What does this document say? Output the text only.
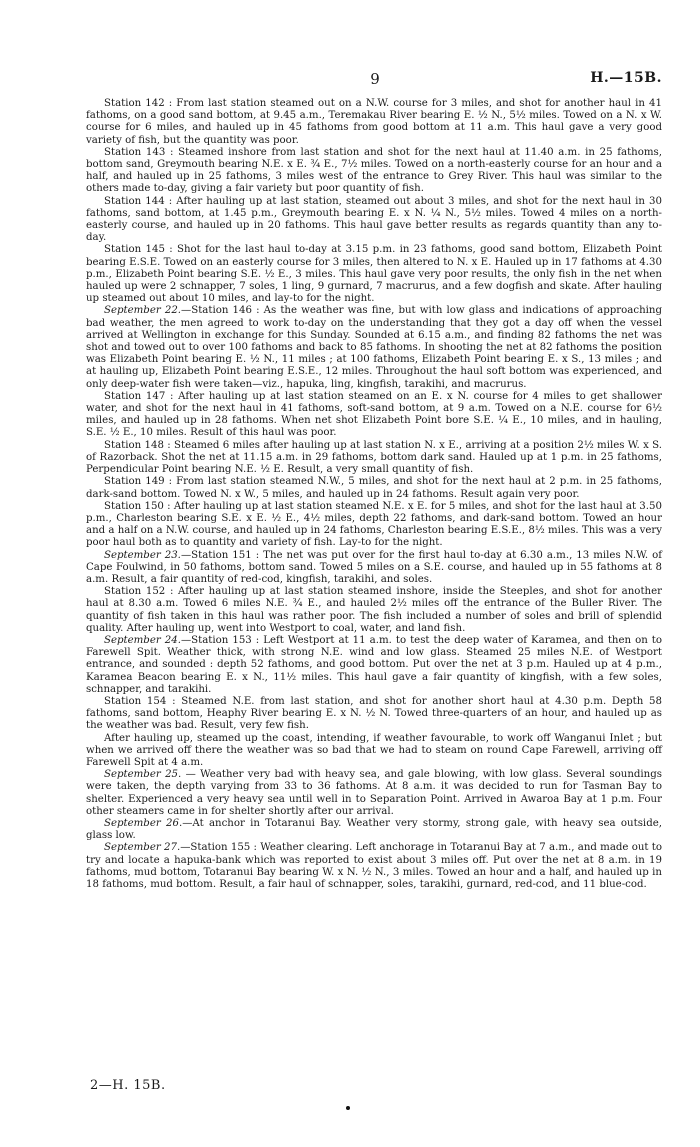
9	H.—15B.

Station 142 : From last station steamed out on a N.W. course for 3 miles, and shot for another haul in 41 fathoms, on a good sand bottom, at 9.45 a.m., Teremakau River bearing E. ½ N., 5½ miles. Towed on a N. x W. course for 6 miles, and hauled up in 45 fathoms from good bottom at 11 a.m. This haul gave a very good variety of fish, but the quantity was poor.

Station 143 : Steamed inshore from last station and shot for the next haul at 11.40 a.m. in 25 fathoms, bottom sand, Greymouth bearing N.E. x E. ¾ E., 7½ miles. Towed on a north-easterly course for an hour and a half, and hauled up in 25 fathoms, 3 miles west of the entrance to Grey River. This haul was similar to the others made to-day, giving a fair variety but poor quantity of fish.

Station 144 : After hauling up at last station, steamed out about 3 miles, and shot for the next haul in 30 fathoms, sand bottom, at 1.45 p.m., Greymouth bearing E. x N. ¼ N., 5½ miles. Towed 4 miles on a north-easterly course, and hauled up in 20 fathoms. This haul gave better results as regards quantity than any to-day.

Station 145 : Shot for the last haul to-day at 3.15 p.m. in 23 fathoms, good sand bottom, Elizabeth Point bearing E.S.E. Towed on an easterly course for 3 miles, then altered to N. x E. Hauled up in 17 fathoms at 4.30 p.m., Elizabeth Point bearing S.E. ½ E., 3 miles. This haul gave very poor results, the only fish in the net when hauled up were 2 schnapper, 7 soles, 1 ling, 9 gurnard, 7 macrurus, and a few dogfish and skate. After hauling up steamed out about 10 miles, and lay-to for the night.

September 22.—Station 146 : As the weather was fine, but with low glass and indications of approaching bad weather, the men agreed to work to-day on the understanding that they got a day off when the vessel arrived at Wellington in exchange for this Sunday. Sounded at 6.15 a.m., and finding 82 fathoms the net was shot and towed out to over 100 fathoms and back to 85 fathoms. In shooting the net at 82 fathoms the position was Elizabeth Point bearing E. ½ N., 11 miles ; at 100 fathoms, Elizabeth Point bearing E. x S., 13 miles ; and at hauling up, Elizabeth Point bearing E.S.E., 12 miles. Throughout the haul soft bottom was experienced, and only deep-water fish were taken—viz., hapuka, ling, kingfish, tarakihi, and macrurus.

Station 147 : After hauling up at last station steamed on an E. x N. course for 4 miles to get shallower water, and shot for the next haul in 41 fathoms, soft-sand bottom, at 9 a.m. Towed on a N.E. course for 6½ miles, and hauled up in 28 fathoms. When net shot Elizabeth Point bore S.E. ¼ E., 10 miles, and in hauling, S.E. ½ E., 10 miles. Result of this haul was poor.

Station 148 : Steamed 6 miles after hauling up at last station N. x E., arriving at a position 2½ miles W. x S. of Razorback. Shot the net at 11.15 a.m. in 29 fathoms, bottom dark sand. Hauled up at 1 p.m. in 25 fathoms, Perpendicular Point bearing N.E. ½ E. Result, a very small quantity of fish.

Station 149 : From last station steamed N.W., 5 miles, and shot for the next haul at 2 p.m. in 25 fathoms, dark-sand bottom. Towed N. x W., 5 miles, and hauled up in 24 fathoms. Result again very poor.

Station 150 : After hauling up at last station steamed N.E. x E. for 5 miles, and shot for the last haul at 3.50 p.m., Charleston bearing S.E. x E. ½ E., 4½ miles, depth 22 fathoms, and dark-sand bottom. Towed an hour and a half on a N.W. course, and hauled up in 24 fathoms, Charleston bearing E.S.E., 8½ miles. This was a very poor haul both as to quantity and variety of fish. Lay-to for the night.

September 23.—Station 151 : The net was put over for the first haul to-day at 6.30 a.m., 13 miles N.W. of Cape Foulwind, in 50 fathoms, bottom sand. Towed 5 miles on a S.E. course, and hauled up in 55 fathoms at 8 a.m. Result, a fair quantity of red-cod, kingfish, tarakihi, and soles.

Station 152 : After hauling up at last station steamed inshore, inside the Steeples, and shot for another haul at 8.30 a.m. Towed 6 miles N.E. ¾ E., and hauled 2½ miles off the entrance of the Buller River. The quantity of fish taken in this haul was rather poor. The fish included a number of soles and brill of splendid quality. After hauling up, went into Westport to coal, water, and land fish.

September 24.—Station 153 : Left Westport at 11 a.m. to test the deep water of Karamea, and then on to Farewell Spit. Weather thick, with strong N.E. wind and low glass. Steamed 25 miles N.E. of Westport entrance, and sounded : depth 52 fathoms, and good bottom. Put over the net at 3 p.m. Hauled up at 4 p.m., Karamea Beacon bearing E. x N., 11½ miles. This haul gave a fair quantity of kingfish, with a few soles, schnapper, and tarakihi.

Station 154 : Steamed N.E. from last station, and shot for another short haul at 4.30 p.m. Depth 58 fathoms, sand bottom, Heaphy River bearing E. x N. ½ N. Towed three-quarters of an hour, and hauled up as the weather was bad. Result, very few fish.

After hauling up, steamed up the coast, intending, if weather favourable, to work off Wanganui Inlet ; but when we arrived off there the weather was so bad that we had to steam on round Cape Farewell, arriving off Farewell Spit at 4 a.m.

September 25. — Weather very bad with heavy sea, and gale blowing, with low glass. Several soundings were taken, the depth varying from 33 to 36 fathoms. At 8 a.m. it was decided to run for Tasman Bay to shelter. Experienced a very heavy sea until well in to Separation Point. Arrived in Awaroa Bay at 1 p.m. Four other steamers came in for shelter shortly after our arrival.

September 26.—At anchor in Totaranui Bay. Weather very stormy, strong gale, with heavy sea outside, glass low.

September 27.—Station 155 : Weather clearing. Left anchorage in Totaranui Bay at 7 a.m., and made out to try and locate a hapuka-bank which was reported to exist about 3 miles off. Put over the net at 8 a.m. in 19 fathoms, mud bottom, Totaranui Bay bearing W. x N. ½ N., 3 miles. Towed an hour and a half, and hauled up in 18 fathoms, mud bottom. Result, a fair haul of schnapper, soles, tarakihi, gurnard, red-cod, and 11 blue-cod.

2—H. 15B.
